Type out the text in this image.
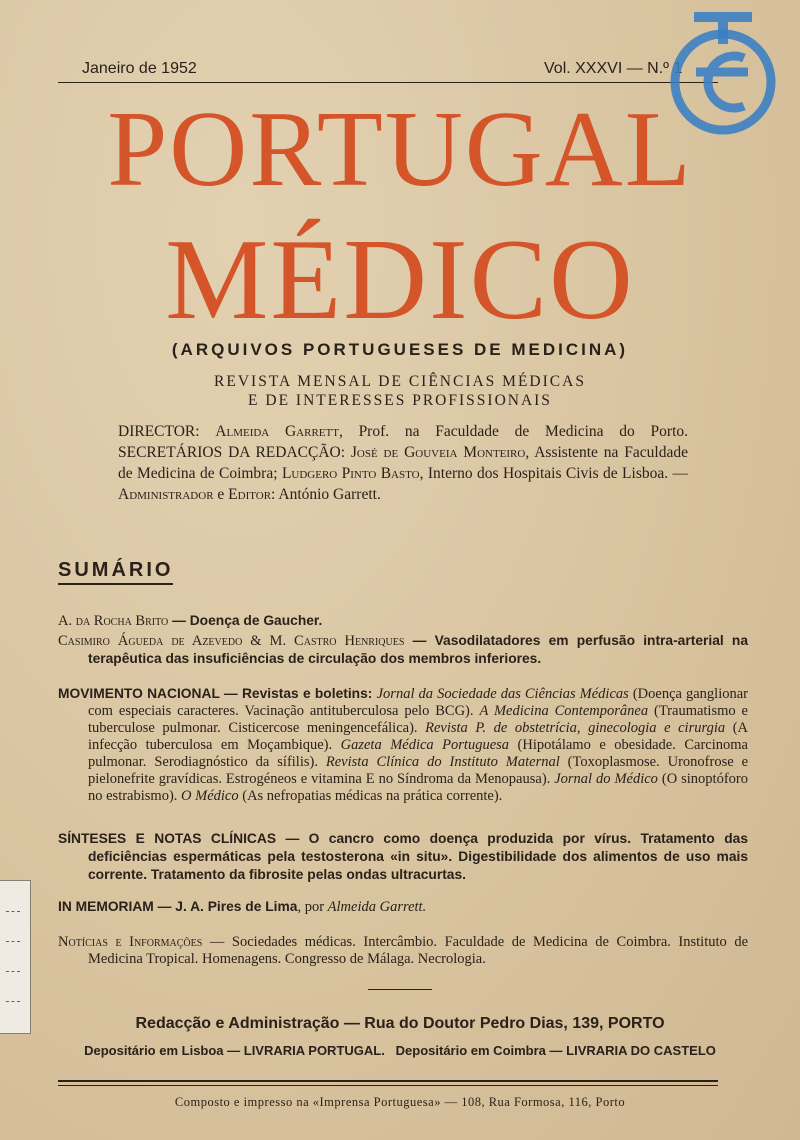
Janeiro de 1952	Vol. XXXVI — N.º 1
PORTUGAL
MÉDICO
(ARQUIVOS PORTUGUESES DE MEDICINA)
REVISTA MENSAL DE CIÊNCIAS MÉDICAS
E DE INTERESSES PROFISSIONAIS
DIRECTOR: Almeida Garrett, Prof. na Faculdade de Medicina do Porto. SECRETÁRIOS DA REDACÇÃO: José de Gouveia Monteiro, Assistente na Faculdade de Medicina de Coimbra; Ludgero Pinto Basto, Interno dos Hospitais Civis de Lisboa. — Administrador e Editor: António Garrett.
SUMÁRIO
A. da Rocha Brito — Doença de Gaucher.
Casimiro Águeda de Azevedo & M. Castro Henriques — Vasodilatadores em perfusão intra-arterial na terapêutica das insuficiências de circulação dos membros inferiores.
MOVIMENTO NACIONAL — Revistas e boletins: Jornal da Sociedade das Ciências Médicas (Doença ganglionar com especiais caracteres. Vacinação antituberculosa pelo BCG). A Medicina Contemporânea (Traumatismo e tuberculose pulmonar. Cisticercose meningencefálica). Revista P. de obstetrícia, ginecologia e cirurgia (A infecção tuberculosa em Moçambique). Gazeta Médica Portuguesa (Hipotálamo e obesidade. Carcinoma pulmonar. Serodiagnóstico da sífilis). Revista Clínica do Instituto Maternal (Toxoplasmose. Uronofrose e pielonefrite gravídicas. Estrogéneos e vitamina E no Síndroma da Menopausa). Jornal do Médico (O sinoptóforo no estrabismo). O Médico (As nefropatias médicas na prática corrente).
SÍNTESES E NOTAS CLÍNICAS — O cancro como doença produzida por vírus. Tratamento das deficiências espermáticas pela testosterona «in situ». Digestibilidade dos alimentos de uso mais corrente. Tratamento da fibrosite pelas ondas ultracurtas.
IN MEMORIAM — J. A. Pires de Lima, por Almeida Garrett.
Notícias e Informações — Sociedades médicas. Intercâmbio. Faculdade de Medicina de Coimbra. Instituto de Medicina Tropical. Homenagens. Congresso de Málaga. Necrologia.
Redacção e Administração — Rua do Doutor Pedro Dias, 139, PORTO
Depositário em Lisboa — LIVRARIA PORTUGAL.   Depositário em Coimbra — LIVRARIA DO CASTELO
Composto e impresso na «Imprensa Portuguesa» — 108, Rua Formosa, 116, Porto
